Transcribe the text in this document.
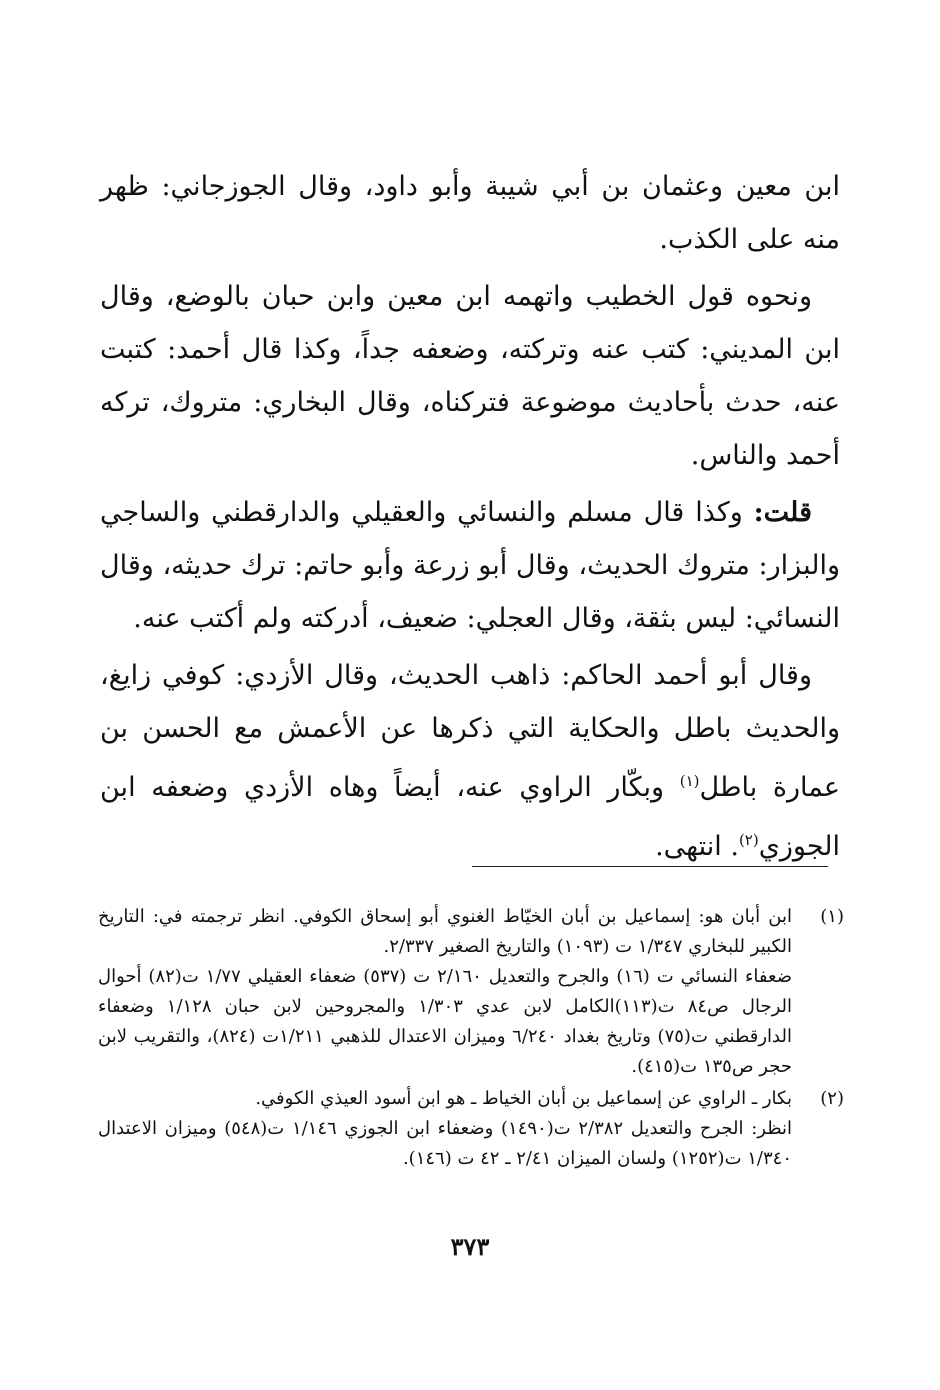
ابن معين وعثمان بن أبي شيبة وأبو داود، وقال الجوزجاني: ظهر منه على الكذب.

ونحوه قول الخطيب واتهمه ابن معين وابن حبان بالوضع، وقال ابن المديني: كتب عنه وتركته، وضعفه جداً، وكذا قال أحمد: كتبت عنه، حدث بأحاديث موضوعة فتركناه، وقال البخاري: متروك، تركه أحمد والناس.

قلت: وكذا قال مسلم والنسائي والعقيلي والدارقطني والساجي والبزار: متروك الحديث، وقال أبو زرعة وأبو حاتم: ترك حديثه، وقال النسائي: ليس بثقة، وقال العجلي: ضعيف، أدركته ولم أكتب عنه.

وقال أبو أحمد الحاكم: ذاهب الحديث، وقال الأزدي: كوفي زايغ، والحديث باطل والحكاية التي ذكرها عن الأعمش مع الحسن بن عمارة باطل$^{(١)}$ وبكّار الراوي عنه، أيضاً وهاه الأزدي وضعفه ابن الجوزي$^{(٢)}$. انتهى.

(١)

ابن أبان هو: إسماعيل بن أبان الخيّاط الغنوي أبو إسحاق الكوفي. انظر ترجمته في: التاريخ الكبير للبخاري ١/٣٤٧ ت (١٠٩٣) والتاريخ الصغير ٢/٣٣٧.

ضعفاء النسائي ت (١٦) والجرح والتعديل ٢/١٦٠ ت (٥٣٧) ضعفاء العقيلي ١/٧٧ ت(٨٢) أحوال الرجال ص٨٤ ت(١١٣)الكامل لابن عدي ١/٣٠٣ والمجروحين لابن حبان ١/١٢٨ وضعفاء الدارقطني ت(٧٥) وتاريخ بغداد ٦/٢٤٠ وميزان الاعتدال للذهبي ١/٢١١ت (٨٢٤)، والتقريب لابن حجر ص١٣٥ ت(٤١٥).

(٢)

بكار ـ الراوي عن إسماعيل بن أبان الخياط ـ هو ابن أسود العيذي الكوفي.

انظر: الجرح والتعديل ٢/٣٨٢ ت(١٤٩٠) وضعفاء ابن الجوزي ١/١٤٦ ت(٥٤٨) وميزان الاعتدال ١/٣٤٠ ت(١٢٥٢) ولسان الميزان ٢/٤١ ـ ٤٢ ت (١٤٦).

٣٧٣
